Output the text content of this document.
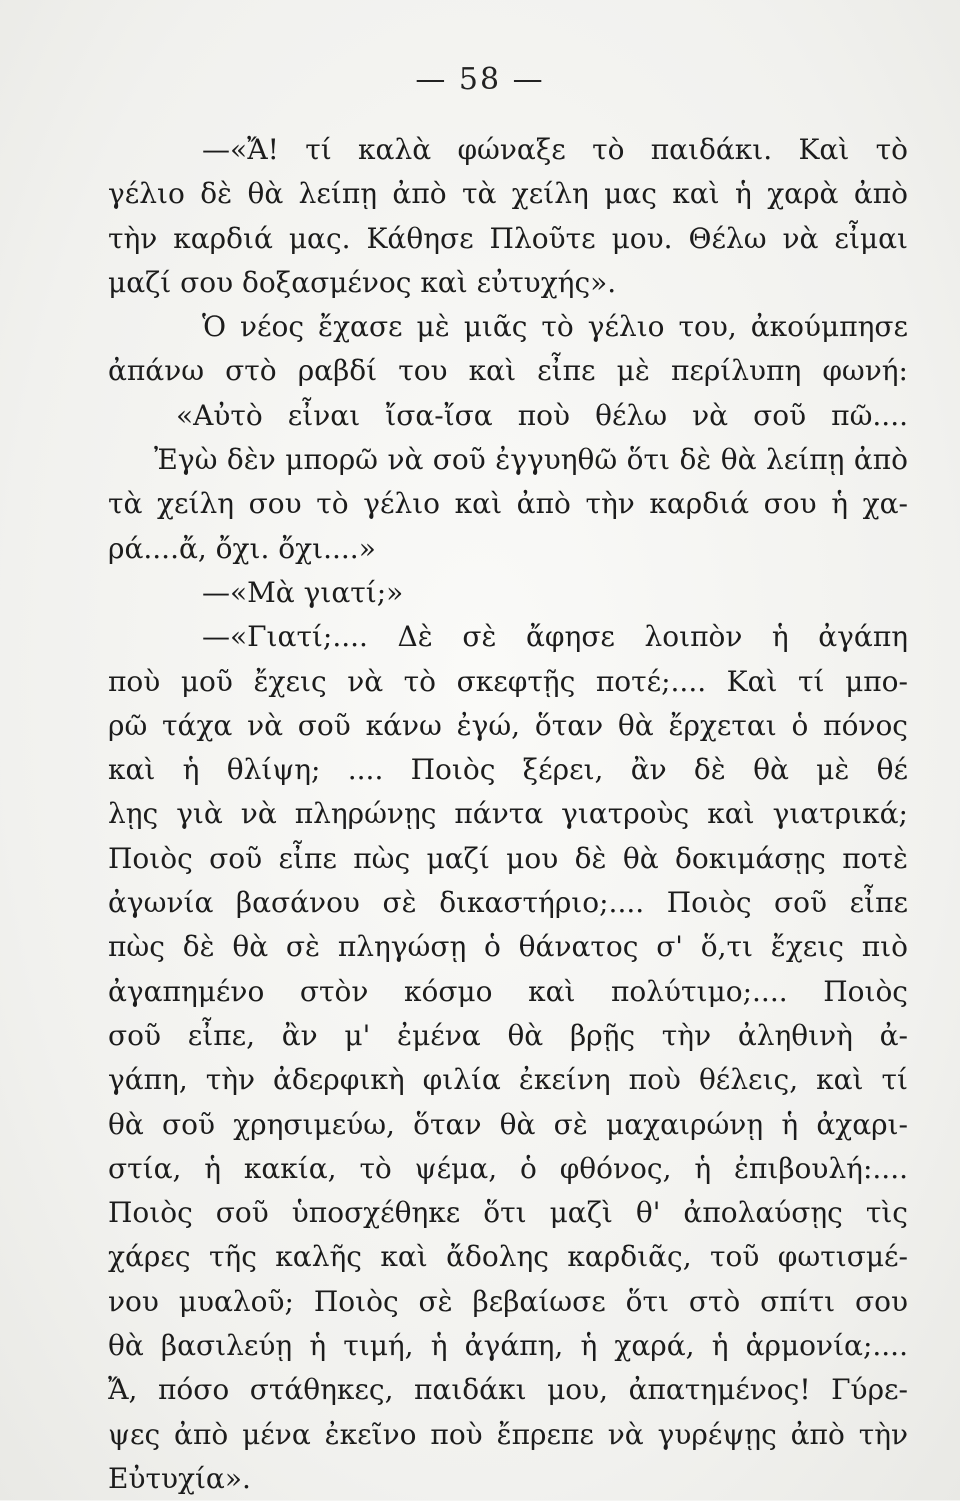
— 58 —
—«Ἄ! τί καλὰ φώναξε τὸ παιδάκι. Καὶ τὸ
γέλιο δὲ θὰ λείπῃ ἀπὸ τὰ χείλη μας καὶ ἡ χαρὰ ἀπὸ
τὴν καρδιά μας. Κάθησε Πλοῦτε μου. Θέλω νὰ εἶμαι
μαζί σου δοξασμένος καὶ εὐτυχής».
Ὁ νέος ἔχασε μὲ μιᾶς τὸ γέλιο του, ἀκούμπησε
ἀπάνω στὸ ραβδί του καὶ εἶπε μὲ περίλυπη φωνή:
«Αὐτὸ εἶναι ἴσα-ἴσα ποὺ θέλω νὰ σοῦ πῶ....
Ἐγὼ δὲν μπορῶ νὰ σοῦ ἐγγυηθῶ ὅτι δὲ θὰ λείπῃ ἀπὸ
τὰ χείλη σου τὸ γέλιο καὶ ἀπὸ τὴν καρδιά σου ἡ χα-
ρά....ἄ, ὄχι. ὄχι....»
—«Μὰ γιατί;»
—«Γιατί;.... Δὲ σὲ ἄφησε λοιπὸν ἡ ἀγάπη
ποὺ μοῦ ἔχεις νὰ τὸ σκεφτῇς ποτέ;.... Καὶ τί μπο-
ρῶ τάχα νὰ σοῦ κάνω ἐγώ, ὅταν θὰ ἔρχεται ὁ πόνος
καὶ ἡ θλίψη; .... Ποιὸς ξέρει, ἂν δὲ θὰ μὲ θέ
λῃς γιὰ νὰ πληρώνῃς πάντα γιατροὺς καὶ γιατρικά;
Ποιὸς σοῦ εἶπε πὼς μαζί μου δὲ θὰ δοκιμάσῃς ποτὲ
ἀγωνία βασάνου σὲ δικαστήριο;.... Ποιὸς σοῦ εἶπε
πὼς δὲ θὰ σὲ πληγώσῃ ὁ θάνατος σ' ὅ,τι ἔχεις πιὸ
ἀγαπημένο στὸν κόσμο καὶ πολύτιμο;.... Ποιὸς
σοῦ εἶπε, ἂν μ' ἐμένα θὰ βρῇς τὴν ἀληθινὴ ἀ-
γάπη, τὴν ἀδερφικὴ φιλία ἐκείνη ποὺ θέλεις, καὶ τί
θὰ σοῦ χρησιμεύω, ὅταν θὰ σὲ μαχαιρώνῃ ἡ ἀχαρι-
στία, ἡ κακία, τὸ ψέμα, ὁ φθόνος, ἡ ἐπιβουλή:....
Ποιὸς σοῦ ὑποσχέθηκε ὅτι μαζὶ θ' ἀπολαύσῃς τὶς
χάρες τῆς καλῆς καὶ ἄδολης καρδιᾶς, τοῦ φωτισμέ-
νου μυαλοῦ; Ποιὸς σὲ βεβαίωσε ὅτι στὸ σπίτι σου
θὰ βασιλεύῃ ἡ τιμή, ἡ ἀγάπη, ἡ χαρά, ἡ ἁρμονία;....
Ἄ, πόσο στάθηκες, παιδάκι μου, ἀπατημένος! Γύρε-
ψες ἀπὸ μένα ἐκεῖνο ποὺ ἔπρεπε νὰ γυρέψῃς ἀπὸ τὴν
Εὐτυχία».
